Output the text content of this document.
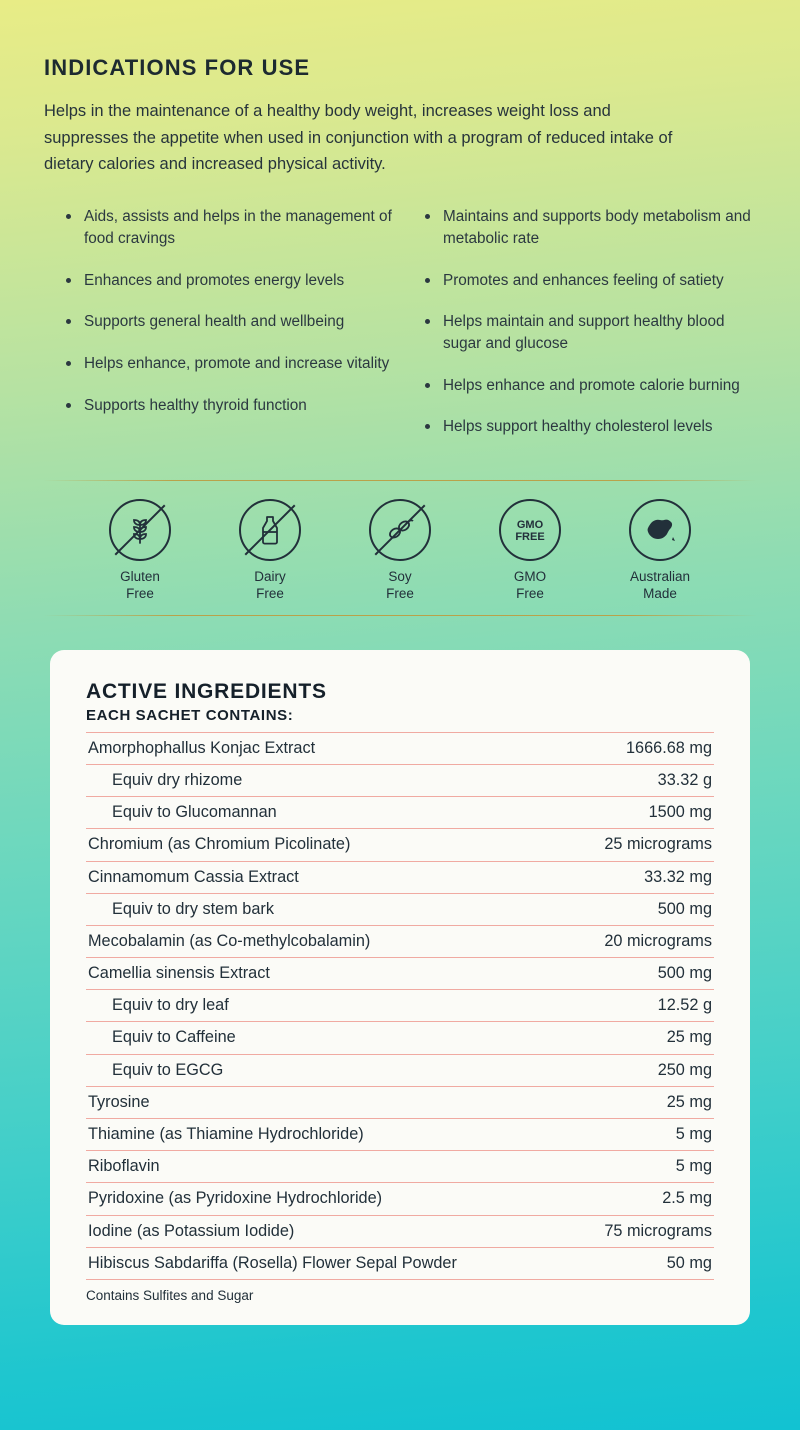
INDICATIONS FOR USE

Helps in the maintenance of a healthy body weight, increases weight loss and suppresses the appetite when used in conjunction with a program of reduced intake of dietary calories and increased physical activity.

Aids, assists and helps in the management of food cravings
Enhances and promotes energy levels
Supports general health and wellbeing
Helps enhance, promote and increase vitality
Supports healthy thyroid function
Maintains and supports body metabolism and metabolic rate
Promotes and enhances feeling of satiety
Helps maintain and support healthy blood sugar and glucose
Helps enhance and promote calorie burning
Helps support healthy cholesterol levels
Gluten
Free
Dairy
Free
Soy
Free
GMO
FREE
GMO
Free
Australian
Made
ACTIVE INGREDIENTS
EACH SACHET CONTAINS:
Amorphophallus Konjac Extract	1666.68 mg
Equiv dry rhizome	33.32 g
Equiv to Glucomannan	1500 mg
Chromium (as Chromium Picolinate)	25 micrograms
Cinnamomum Cassia Extract	33.32 mg
Equiv to dry stem bark	500 mg
Mecobalamin (as Co-methylcobalamin)	20 micrograms
Camellia sinensis Extract	500 mg
Equiv to dry leaf	12.52 g
Equiv to Caffeine	25 mg
Equiv to EGCG	250 mg
Tyrosine	25 mg
Thiamine (as Thiamine Hydrochloride)	5 mg
Riboflavin	5 mg
Pyridoxine (as Pyridoxine Hydrochloride)	2.5 mg
Iodine (as Potassium Iodide)	75 micrograms
Hibiscus Sabdariffa (Rosella) Flower Sepal Powder	50 mg
Contains Sulfites and Sugar
